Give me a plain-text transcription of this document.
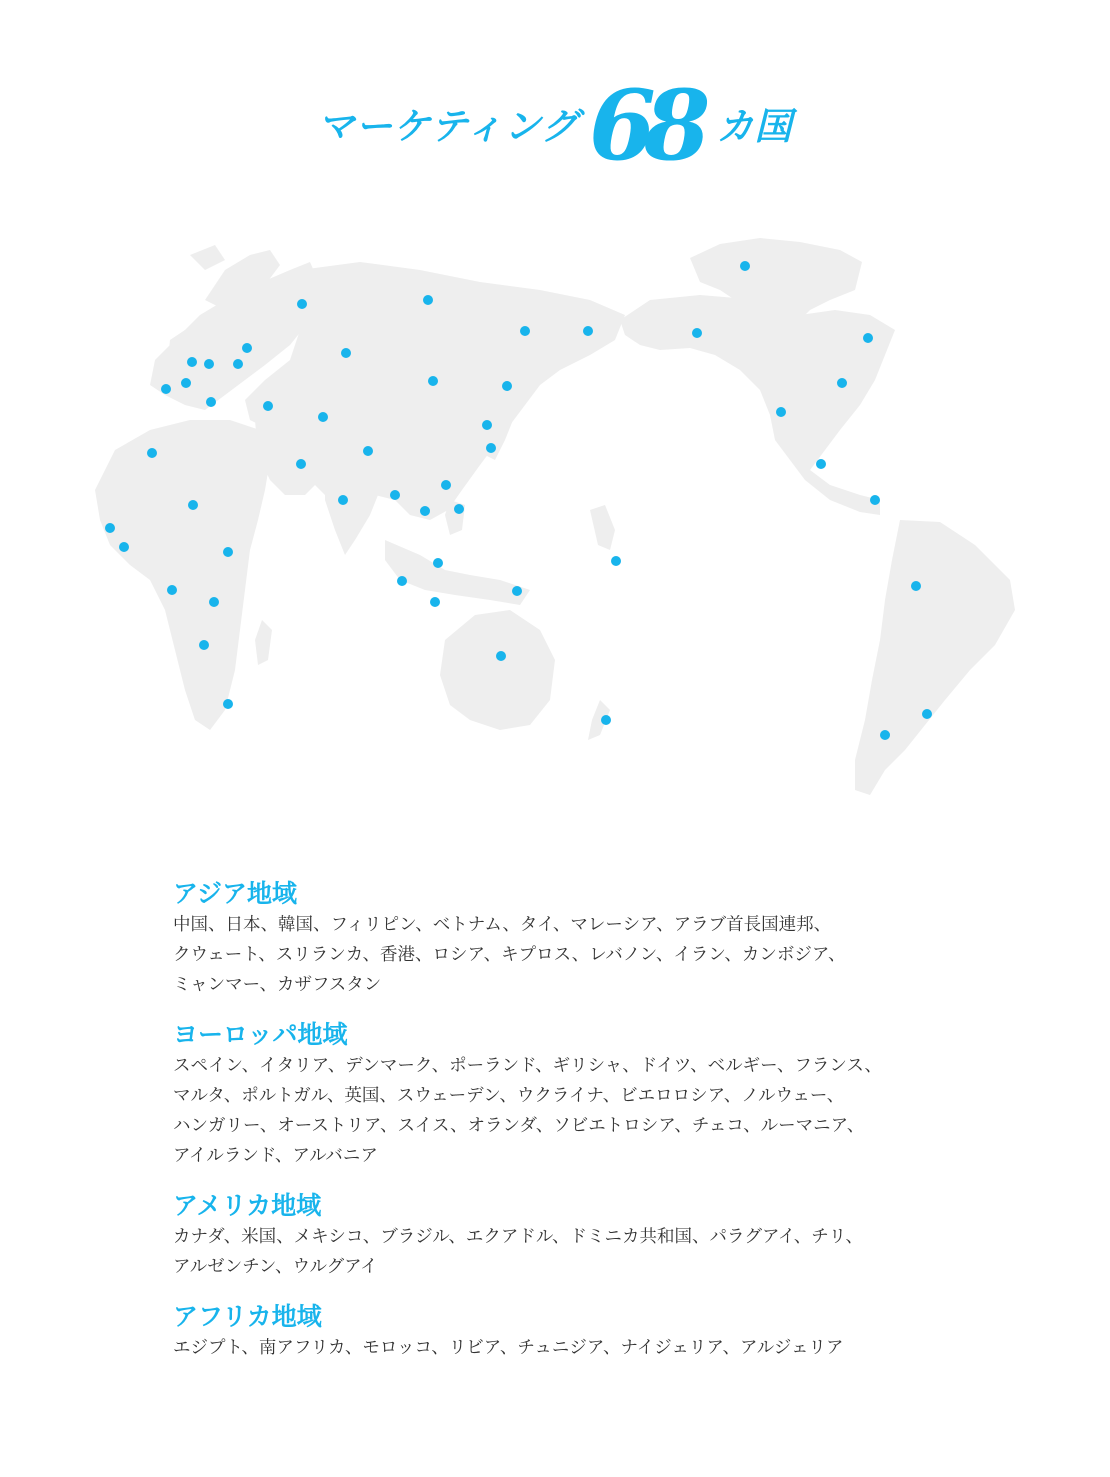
マーケティング 68 カ国

アジア地域

中国、日本、韓国、フィリピン、ベトナム、タイ、マレーシア、アラブ首長国連邦、

クウェート、スリランカ、香港、ロシア、キプロス、レバノン、イラン、カンボジア、

ミャンマー、カザフスタン

ヨーロッパ地域

スペイン、イタリア、デンマーク、ポーランド、ギリシャ、ドイツ、ベルギー、フランス、

マルタ、ポルトガル、英国、スウェーデン、ウクライナ、ビエロロシア、ノルウェー、

ハンガリー、オーストリア、スイス、オランダ、ソビエトロシア、チェコ、ルーマニア、

アイルランド、アルバニア

アメリカ地域

カナダ、米国、メキシコ、ブラジル、エクアドル、ドミニカ共和国、パラグアイ、チリ、

アルゼンチン、ウルグアイ

アフリカ地域

エジプト、南アフリカ、モロッコ、リビア、チュニジア、ナイジェリア、アルジェリア
